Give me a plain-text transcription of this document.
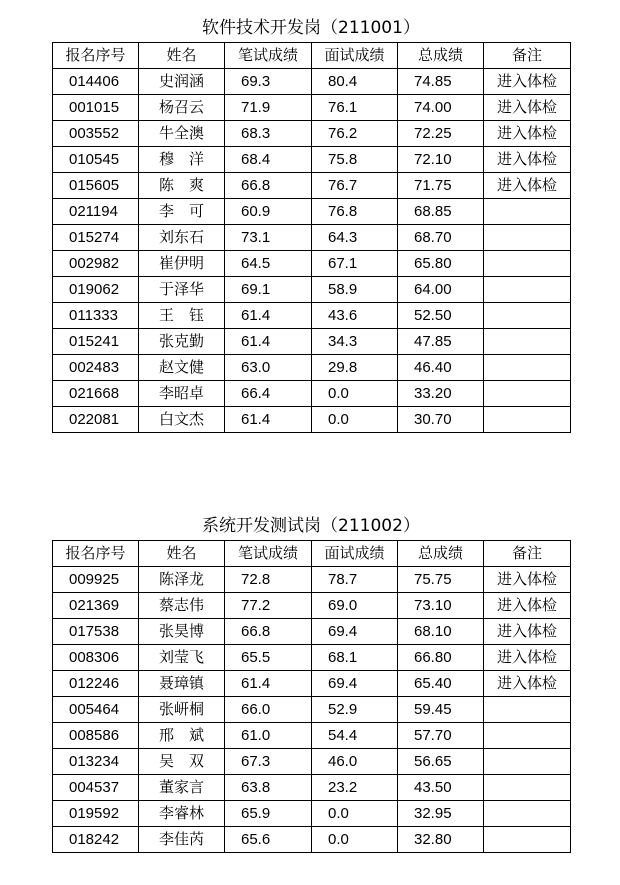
软件技术开发岗（211001）
报名序号	姓名	笔试成绩	面试成绩	总成绩	备注
014406	史润涵	69.3	80.4	74.85	进入体检
001015	杨召云	71.9	76.1	74.00	进入体检
003552	牛全澳	68.3	76.2	72.25	进入体检
010545	穆　洋	68.4	75.8	72.10	进入体检
015605	陈　爽	66.8	76.7	71.75	进入体检
021194	李　可	60.9	76.8	68.85	
015274	刘东石	73.1	64.3	68.70	
002982	崔伊明	64.5	67.1	65.80	
019062	于泽华	69.1	58.9	64.00	
011333	王　钰	61.4	43.6	52.50	
015241	张克勤	61.4	34.3	47.85	
002483	赵文健	63.0	29.8	46.40	
021668	李昭卓	66.4	0.0	33.20	
022081	白文杰	61.4	0.0	30.70	
系统开发测试岗（211002）
报名序号	姓名	笔试成绩	面试成绩	总成绩	备注
009925	陈泽龙	72.8	78.7	75.75	进入体检
021369	蔡志伟	77.2	69.0	73.10	进入体检
017538	张昊博	66.8	69.4	68.10	进入体检
008306	刘莹飞	65.5	68.1	66.80	进入体检
012246	聂璋镇	61.4	69.4	65.40	进入体检
005464	张岍桐	66.0	52.9	59.45	
008586	邢　斌	61.0	54.4	57.70	
013234	吴　双	67.3	46.0	56.65	
004537	董家言	63.8	23.2	43.50	
019592	李睿林	65.9	0.0	32.95	
018242	李佳芮	65.6	0.0	32.80	
